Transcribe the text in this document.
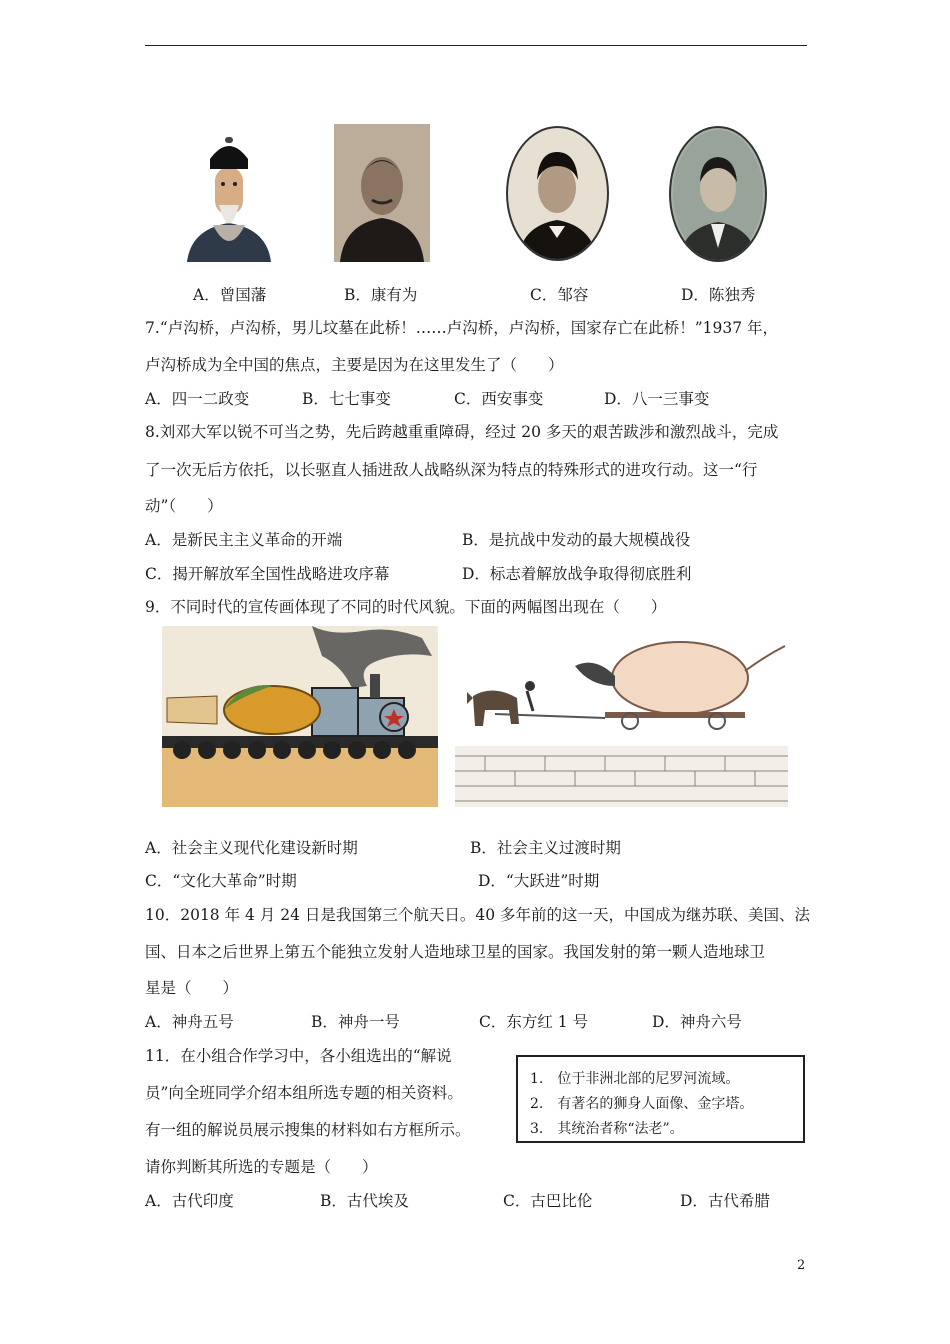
A．曾国藩	B．康有为	C．邹容	D．陈独秀
7.“卢沟桥，卢沟桥，男儿坟墓在此桥！……卢沟桥，卢沟桥，国家存亡在此桥！”1937 年，
卢沟桥成为全中国的焦点，主要是因为在这里发生了（　　）
A．四一二政变	B．七七事变	C．西安事变	D．八一三事变
8.刘邓大军以锐不可当之势，先后跨越重重障碍，经过 20 多天的艰苦跋涉和激烈战斗，完成
了一次无后方依托，以长驱直人插进敌人战略纵深为特点的特殊形式的进攻行动。这一“行
动”（　　）
A．是新民主主义革命的开端	B．是抗战中发动的最大规模战役
C．揭开解放军全国性战略进攻序幕	D．标志着解放战争取得彻底胜利
9．不同时代的宣传画体现了不同的时代风貌。下面的两幅图出现在（　　）
A．社会主义现代化建设新时期	B．社会主义过渡时期
C．“文化大革命”时期	D．“大跃进”时期
10．2018 年 4 月 24 日是我国第三个航天日。40 多年前的这一天，中国成为继苏联、美国、法
国、日本之后世界上第五个能独立发射人造地球卫星的国家。我国发射的第一颗人造地球卫
星是（　　）
A．神舟五号	B．神舟一号	C．东方红 1 号	D．神舟六号
11．在小组合作学习中，各小组选出的“解说
员”向全班同学介绍本组所选专题的相关资料。
有一组的解说员展示搜集的材料如右方框所示。
请你判断其所选的专题是（　　）
1.　位于非洲北部的尼罗河流域。
2.　有著名的狮身人面像、金字塔。
3.　其统治者称“法老”。
A．古代印度	B．古代埃及	C．古巴比伦	D．古代希腊
2
